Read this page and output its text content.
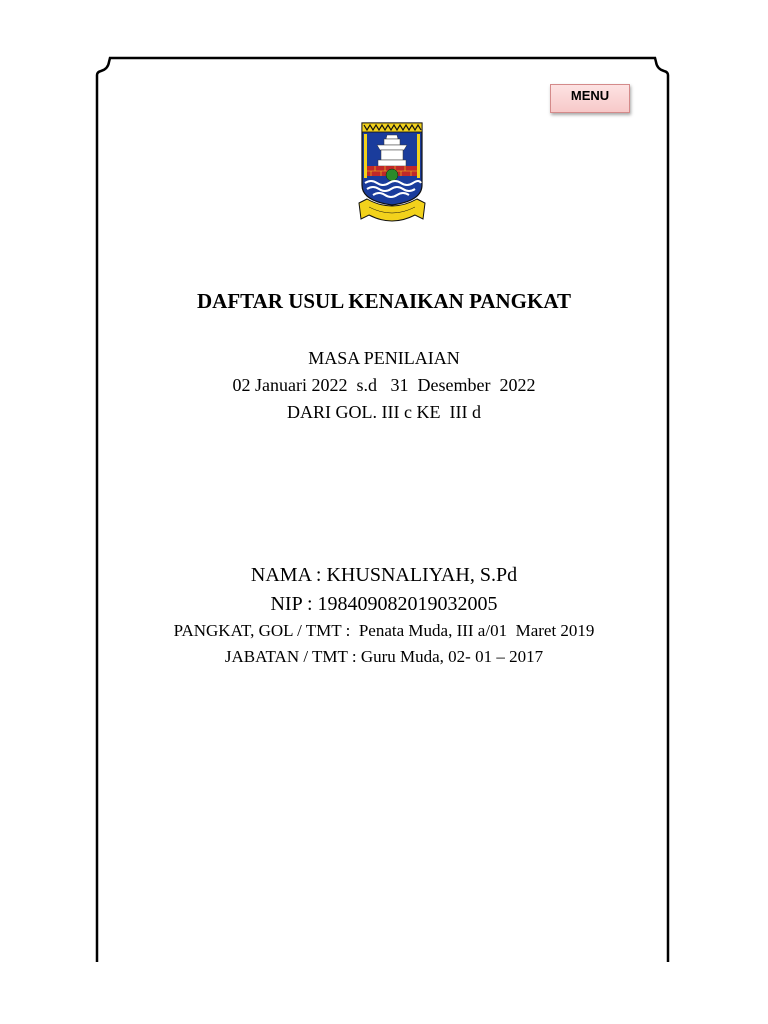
MENU
DAFTAR USUL KENAIKAN PANGKAT
MASA PENILAIAN
02 Januari 2022  s.d   31  Desember  2022
DARI GOL. III c KE  III d
NAMA : KHUSNALIYAH, S.Pd
NIP : 198409082019032005
PANGKAT, GOL / TMT :  Penata Muda, III a/01  Maret 2019
JABATAN / TMT : Guru Muda, 02- 01 – 2017
